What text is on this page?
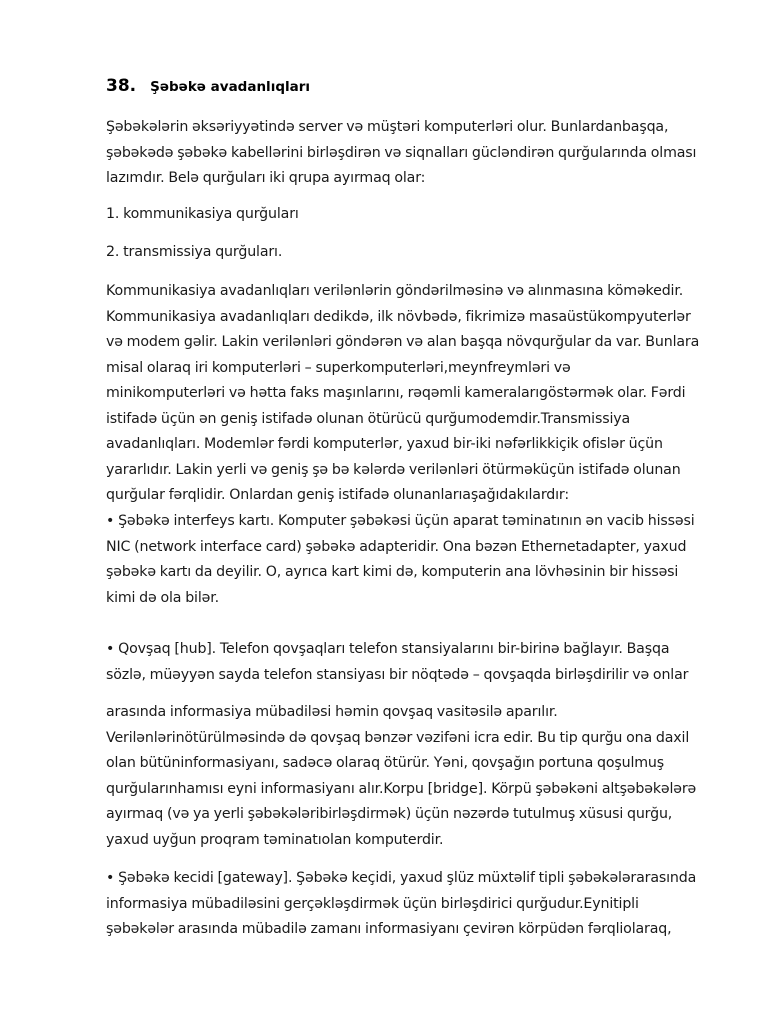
38. Şəbəkə avadanlıqları

Şəbəkələrin əksəriyyətində server və müştəri komputerləri olur. Bunlardanbaşqa,
şəbəkədə şəbəkə kabellərini birləşdirən və siqnalları gücləndirən qurğularında olması
lazımdır. Belə qurğuları iki qrupa ayırmaq olar:

1. kommunikasiya qurğuları

2. transmissiya qurğuları.

Kommunikasiya avadanlıqları verilənlərin göndərilməsinə və alınmasına köməkedir.
Kommunikasiya avadanlıqları dedikdə, ilk növbədə, fikrimizə masaüstükompyuterlər
və modem gəlir. Lakin verilənləri göndərən və alan başqa növqurğular da var. Bunlara
misal olaraq iri komputerləri – superkomputerləri,meynfreymləri və
minikomputerləri və hətta faks maşınlarını, rəqəmli kameralarıgöstərmək olar. Fərdi
istifadə üçün ən geniş istifadə olunan ötürücü qurğumodemdir.Transmissiya
avadanlıqları. Modemlər fərdi komputerlər, yaxud bir-iki nəfərlikkiçik ofislər üçün
yararlıdır. Lakin yerli və geniş şə bə kələrdə verilənləri ötürməküçün istifadə olunan
qurğular fərqlidir. Onlardan geniş istifadə olunanlarıaşağıdakılardır:

• Şəbəkə interfeys kartı. Komputer şəbəkəsi üçün aparat təminatının ən vacib hissəsi
NIC (network interface card) şəbəkə adapteridir. Ona bəzən Ethernetadapter, yaxud
şəbəkə kartı da deyilir. O, ayrıca kart kimi də, komputerin ana lövhəsinin bir hissəsi
kimi də ola bilər.

• Qovşaq [hub]. Telefon qovşaqları telefon stansiyalarını bir-birinə bağlayır. Başqa
sözlə, müəyyən sayda telefon stansiyası bir nöqtədə – qovşaqda birləşdirilir və onlar

arasında informasiya mübadiləsi həmin qovşaq vasitəsilə aparılır.
Verilənlərinötürülməsində də qovşaq bənzər vəzifəni icra edir. Bu tip qurğu ona daxil
olan bütüninformasiyanı, sadəcə olaraq ötürür. Yəni, qovşağın portuna qoşulmuş
qurğularınhamısı eyni informasiyanı alır.Korpu [bridge]. Körpü şəbəkəni altşəbəkələrə
ayırmaq (və ya yerli şəbəkələribirləşdirmək) üçün nəzərdə tutulmuş xüsusi qurğu,
yaxud uyğun proqram təminatıolan komputerdir.

• Şəbəkə kecidi [gateway]. Şəbəkə keçidi, yaxud şlüz müxtəlif tipli şəbəkələrarasında
informasiya mübadiləsini gerçəkləşdirmək üçün birləşdirici qurğudur.Eynitipli
şəbəkələr arasında mübadilə zamanı informasiyanı çevirən körpüdən fərqliolaraq,
